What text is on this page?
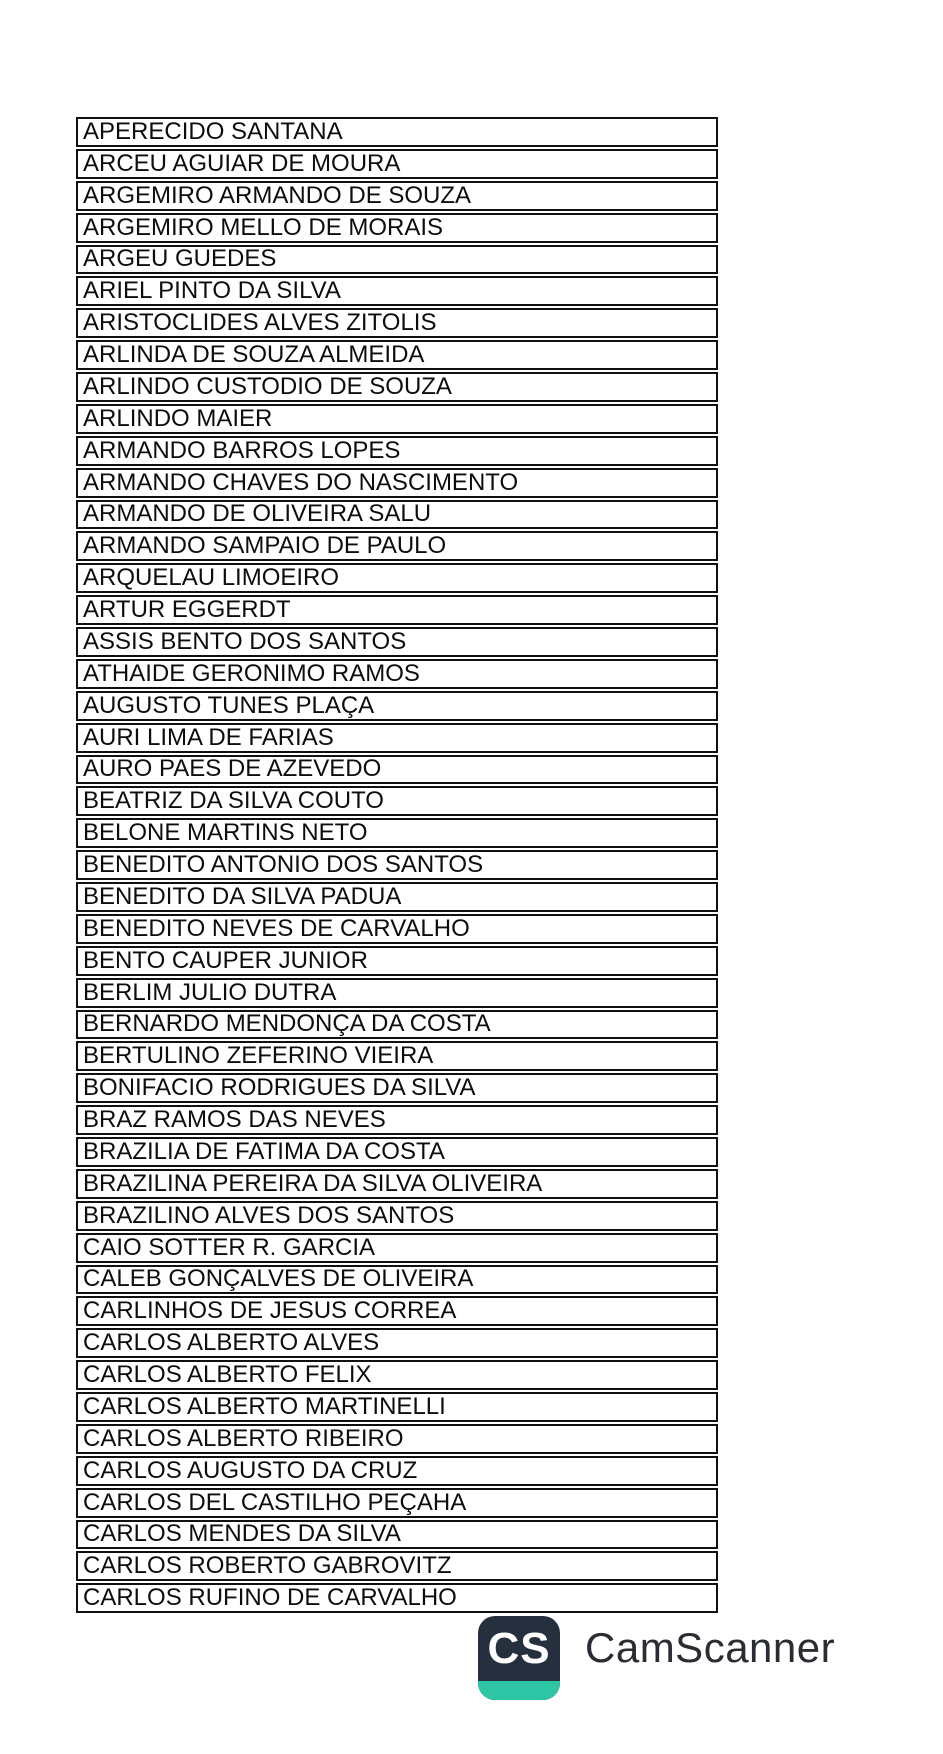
APERECIDO SANTANA
ARCEU AGUIAR DE MOURA
ARGEMIRO ARMANDO DE SOUZA
ARGEMIRO MELLO DE MORAIS
ARGEU GUEDES
ARIEL PINTO DA SILVA
ARISTOCLIDES ALVES ZITOLIS
ARLINDA DE SOUZA ALMEIDA
ARLINDO CUSTODIO DE SOUZA
ARLINDO MAIER
ARMANDO BARROS LOPES
ARMANDO CHAVES DO NASCIMENTO
ARMANDO DE OLIVEIRA SALU
ARMANDO SAMPAIO DE PAULO
ARQUELAU LIMOEIRO
ARTUR EGGERDT
ASSIS BENTO DOS SANTOS
ATHAIDE GERONIMO RAMOS
AUGUSTO TUNES PLAÇA
AURI LIMA DE FARIAS
AURO PAES DE AZEVEDO
BEATRIZ DA SILVA COUTO
BELONE MARTINS NETO
BENEDITO ANTONIO DOS SANTOS
BENEDITO DA SILVA PADUA
BENEDITO NEVES DE CARVALHO
BENTO CAUPER JUNIOR
BERLIM JULIO DUTRA
BERNARDO MENDONÇA DA COSTA
BERTULINO ZEFERINO VIEIRA
BONIFACIO RODRIGUES DA SILVA
BRAZ RAMOS DAS NEVES
BRAZILIA DE FATIMA DA COSTA
BRAZILINA PEREIRA DA SILVA OLIVEIRA
BRAZILINO ALVES DOS SANTOS
CAIO SOTTER R. GARCIA
CALEB GONÇALVES DE OLIVEIRA
CARLINHOS DE JESUS CORREA
CARLOS ALBERTO ALVES
CARLOS ALBERTO FELIX
CARLOS ALBERTO MARTINELLI
CARLOS ALBERTO RIBEIRO
CARLOS AUGUSTO DA CRUZ
CARLOS DEL CASTILHO PEÇAHA
CARLOS MENDES DA SILVA
CARLOS ROBERTO GABROVITZ
CARLOS RUFINO DE CARVALHO
CS CamScanner
